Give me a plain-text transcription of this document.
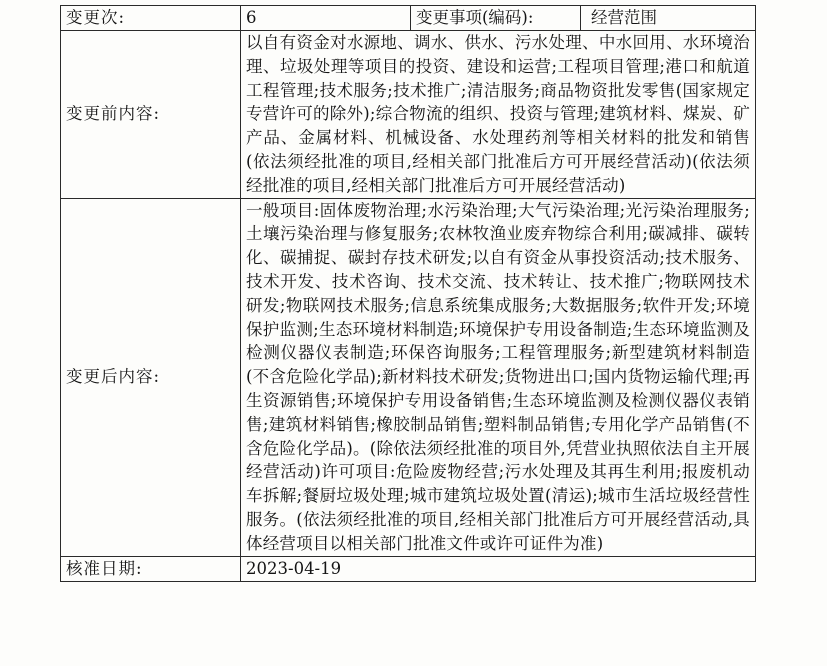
变更次:	6	变更事项(编码):	经营范围
变更前内容:	以自有资金对水源地、调水、供水、污水处理、中水回用、水环境治理、垃圾处理等项目的投资、建设和运营;工程项目管理;港口和航道工程管理;技术服务;技术推广;清洁服务;商品物资批发零售(国家规定专营许可的除外);综合物流的组织、投资与管理;建筑材料、煤炭、矿产品、金属材料、机械设备、水处理药剂等相关材料的批发和销售(依法须经批准的项目,经相关部门批准后方可开展经营活动)(依法须经批准的项目,经相关部门批准后方可开展经营活动)		
变更后内容:	一般项目:固体废物治理;水污染治理;大气污染治理;光污染治理服务;土壤污染治理与修复服务;农林牧渔业废弃物综合利用;碳减排、碳转化、碳捕捉、碳封存技术研发;以自有资金从事投资活动;技术服务、技术开发、技术咨询、技术交流、技术转让、技术推广;物联网技术研发;物联网技术服务;信息系统集成服务;大数据服务;软件开发;环境保护监测;生态环境材料制造;环境保护专用设备制造;生态环境监测及检测仪器仪表制造;环保咨询服务;工程管理服务;新型建筑材料制造(不含危险化学品);新材料技术研发;货物进出口;国内货物运输代理;再生资源销售;环境保护专用设备销售;生态环境监测及检测仪器仪表销售;建筑材料销售;橡胶制品销售;塑料制品销售;专用化学产品销售(不含危险化学品)。(除依法须经批准的项目外,凭营业执照依法自主开展经营活动)许可项目:危险废物经营;污水处理及其再生利用;报废机动车拆解;餐厨垃圾处理;城市建筑垃圾处置(清运);城市生活垃圾经营性服务。(依法须经批准的项目,经相关部门批准后方可开展经营活动,具体经营项目以相关部门批准文件或许可证件为准)		
核准日期:	2023-04-19		
